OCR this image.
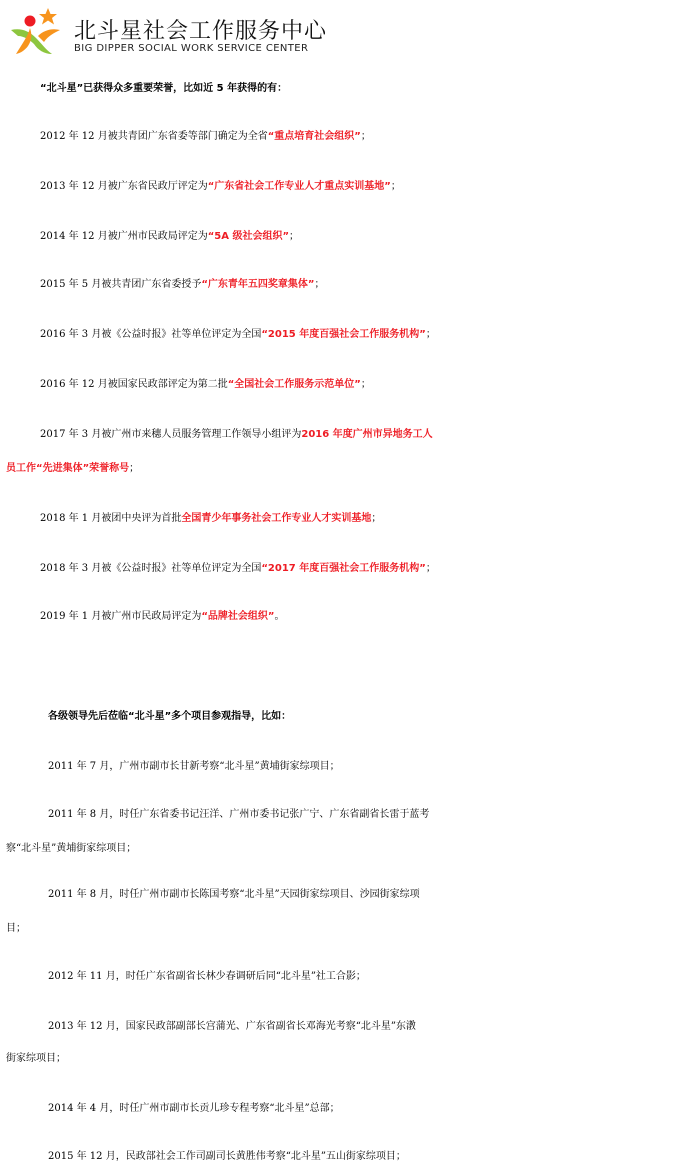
北斗星社会工作服务中心
BIG DIPPER SOCIAL WORK SERVICE CENTER
“北斗星”已获得众多重要荣誉，比如近 5 年获得的有：
2012 年 12 月被共青团广东省委等部门确定为全省“重点培育社会组织”；
2013 年 12 月被广东省民政厅评定为“广东省社会工作专业人才重点实训基地”；
2014 年 12 月被广州市民政局评定为“5A 级社会组织”；
2015 年 5 月被共青团广东省委授予“广东青年五四奖章集体”；
2016 年 3 月被《公益时报》社等单位评定为全国“2015 年度百强社会工作服务机构”；
2016 年 12 月被国家民政部评定为第二批“全国社会工作服务示范单位”；
2017 年 3 月被广州市来穗人员服务管理工作领导小组评为2016 年度广州市异地务工人
员工作“先进集体”荣誉称号；
2018 年 1 月被团中央评为首批全国青少年事务社会工作专业人才实训基地；
2018 年 3 月被《公益时报》社等单位评定为全国“2017 年度百强社会工作服务机构”；
2019 年 1 月被广州市民政局评定为“品牌社会组织”。
各级领导先后莅临“北斗星”多个项目参观指导，比如：
2011 年 7 月，广州市副市长甘新考察“北斗星”黄埔街家综项目；
2011 年 8 月，时任广东省委书记汪洋、广州市委书记张广宁、广东省副省长雷于蓝考
察“北斗星”黄埔街家综项目；
2011 年 8 月，时任广州市副市长陈国考察“北斗星”天园街家综项目、沙园街家综项
目；
2012 年 11 月，时任广东省副省长林少春调研后同“北斗星”社工合影；
2013 年 12 月，国家民政部副部长宫蒲光、广东省副省长邓海光考察“北斗星”东漖
街家综项目；
2014 年 4 月，时任广州市副市长贡儿珍专程考察“北斗星”总部；
2015 年 12 月，民政部社会工作司副司长黄胜伟考察“北斗星”五山街家综项目；
